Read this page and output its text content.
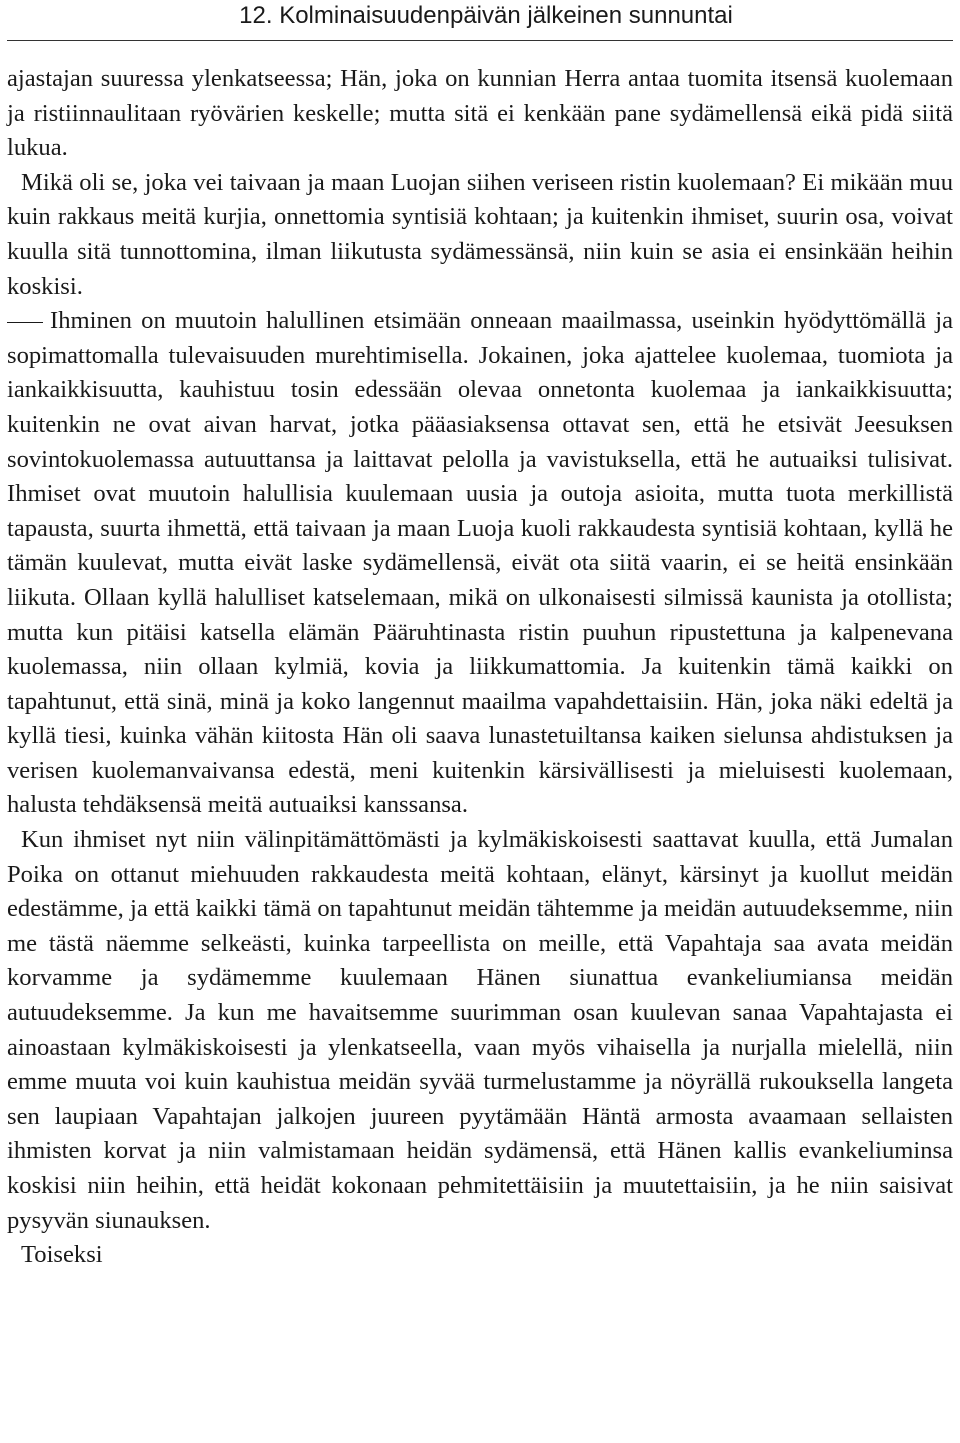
12. Kolminaisuudenpäivän jälkeinen sunnuntai

ajastajan suuressa ylenkatseessa; Hän, joka on kunnian Herra antaa tuomita itsensä kuolemaan ja ristiinnaulitaan ryövärien keskelle; mutta sitä ei kenkään pane sydämellensä eikä pidä siitä lukua.

Mikä oli se, joka vei taivaan ja maan Luojan siihen veriseen ristin kuolemaan? Ei mikään muu kuin rakkaus meitä kurjia, onnettomia syntisiä kohtaan; ja kuitenkin ihmiset, suurin osa, voivat kuulla sitä tunnottomina, ilman liikutusta sydämessänsä, niin kuin se asia ei ensinkään heihin koskisi.

Ihminen on muutoin halullinen etsimään onneaan maailmassa, useinkin hyödyttömällä ja sopimattomalla tulevaisuuden murehtimisella. Jokainen, joka ajattelee kuolemaa, tuomiota ja iankaikkisuutta, kauhistuu tosin edessään olevaa onnetonta kuolemaa ja iankaikkisuutta; kuitenkin ne ovat aivan harvat, jotka pääasiaksensa ottavat sen, että he etsivät Jeesuksen sovintokuolemassa autuuttansa ja laittavat pelolla ja vavistuksella, että he autuaiksi tulisivat. Ihmiset ovat muutoin halullisia kuulemaan uusia ja outoja asioita, mutta tuota merkillistä tapausta, suurta ihmettä, että taivaan ja maan Luoja kuoli rakkaudesta syntisiä kohtaan, kyllä he tämän kuulevat, mutta eivät laske sydämellensä, eivät ota siitä vaarin, ei se heitä ensinkään liikuta. Ollaan kyllä halulliset katselemaan, mikä on ulkonaisesti silmissä kaunista ja otollista; mutta kun pitäisi katsella elämän Pääruhtinasta ristin puuhun ripustettuna ja kalpenevana kuolemassa, niin ollaan kylmiä, kovia ja liikkumattomia. Ja kuitenkin tämä kaikki on tapahtunut, että sinä, minä ja koko langennut maailma vapahdettaisiin. Hän, joka näki edeltä ja kyllä tiesi, kuinka vähän kiitosta Hän oli saava lunastetuiltansa kaiken sielunsa ahdistuksen ja verisen kuolemanvaivansa edestä, meni kuitenkin kärsivällisesti ja mieluisesti kuolemaan, halusta tehdäksensä meitä autuaiksi kanssansa.

Kun ihmiset nyt niin välinpitämättömästi ja kylmäkiskoisesti saattavat kuulla, että Jumalan Poika on ottanut miehuuden rakkaudesta meitä kohtaan, elänyt, kärsinyt ja kuollut meidän edestämme, ja että kaikki tämä on tapahtunut meidän tähtemme ja meidän autuudeksemme, niin me tästä näemme selkeästi, kuinka tarpeellista on meille, että Vapahtaja saa avata meidän korvamme ja sydämemme kuulemaan Hänen siunattua evankeliumiansa meidän autuudeksemme. Ja kun me havaitsemme suurimman osan kuulevan sanaa Vapahtajasta ei ainoastaan kylmäkiskoisesti ja ylenkatseella, vaan myös vihaisella ja nurjalla mielellä, niin emme muuta voi kuin kauhistua meidän syvää turmelustamme ja nöyrällä rukouksella langeta sen laupiaan Vapahtajan jalkojen juureen pyytämään Häntä armosta avaamaan sellaisten ihmisten korvat ja niin valmistamaan heidän sydämensä, että Hänen kallis evankeliuminsa koskisi niin heihin, että heidät kokonaan pehmitettäisiin ja muutettaisiin, ja he niin saisivat pysyvän siunauksen.

Toiseksi
